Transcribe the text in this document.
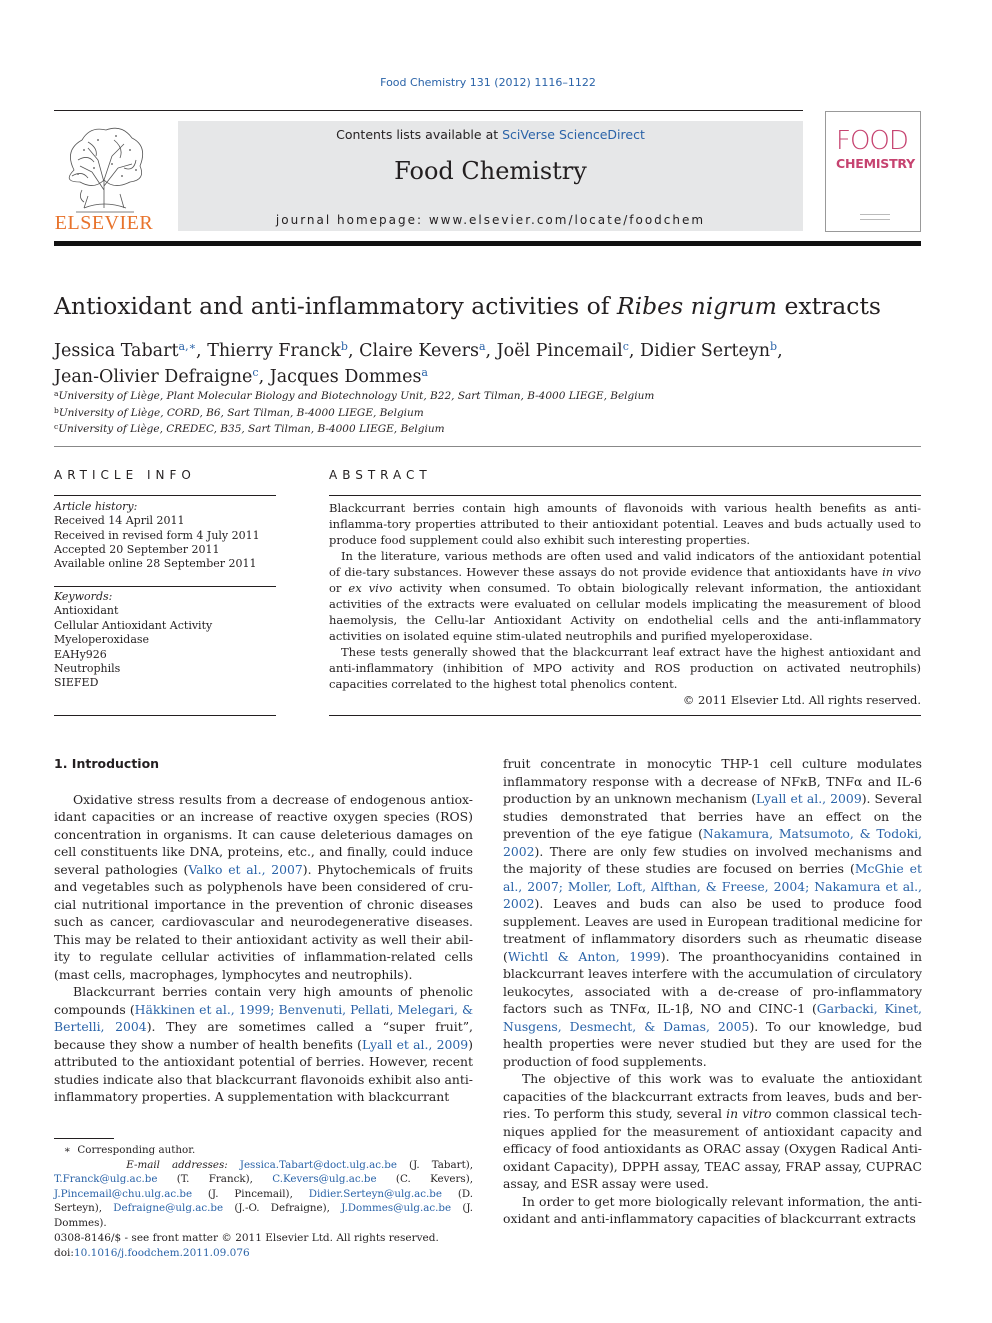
Food Chemistry 131 (2012) 1116–1122
ELSEVIER
Contents lists available at SciVerse ScienceDirect
Food Chemistry
journal homepage: www.elsevier.com/locate/foodchem
FOOD
CHEMISTRY
Antioxidant and anti-inflammatory activities of Ribes nigrum extracts
Jessica Tabart$^{a,∗}$, Thierry Franck$^b$, Claire Kevers$^a$, Joël Pincemail$^c$, Didier Serteyn$^b$,
Jean-Olivier Defraigne$^c$, Jacques Dommes$^a$
$^a$University of Liège, Plant Molecular Biology and Biotechnology Unit, B22, Sart Tilman, B-4000 LIEGE, Belgium
$^b$University of Liège, CORD, B6, Sart Tilman, B-4000 LIEGE, Belgium
$^c$University of Liège, CREDEC, B35, Sart Tilman, B-4000 LIEGE, Belgium
ARTICLE INFO
Article history:
Received 14 April 2011
Received in revised form 4 July 2011
Accepted 20 September 2011
Available online 28 September 2011
Keywords:
Antioxidant
Cellular Antioxidant Activity
Myeloperoxidase
EAHy926
Neutrophils
SIEFED
ABSTRACT

Blackcurrant berries contain high amounts of flavonoids with various health benefits as anti-inflamma-tory properties attributed to their antioxidant potential. Leaves and buds actually used to produce food supplement could also exhibit such interesting properties.

In the literature, various methods are often used and valid indicators of the antioxidant potential of die-tary substances. However these assays do not provide evidence that antioxidants have in vivo or ex vivo activity when consumed. To obtain biologically relevant information, the antioxidant activities of the extracts were evaluated on cellular models implicating the measurement of blood haemolysis, the Cellu-lar Antioxidant Activity on endothelial cells and the anti-inflammatory activities on isolated equine stim-ulated neutrophils and purified myeloperoxidase.

These tests generally showed that the blackcurrant leaf extract have the highest antioxidant and anti-inflammatory (inhibition of MPO activity and ROS production on activated neutrophils) capacities correlated to the highest total phenolics content.

© 2011 Elsevier Ltd. All rights reserved.
1. Introduction

Oxidative stress results from a decrease of endogenous antiox-idant capacities or an increase of reactive oxygen species (ROS) concentration in organisms. It can cause deleterious damages on cell constituents like DNA, proteins, etc., and finally, could induce several pathologies (Valko et al., 2007). Phytochemicals of fruits and vegetables such as polyphenols have been considered of cru-cial nutritional importance in the prevention of chronic diseases such as cancer, cardiovascular and neurodegenerative diseases. This may be related to their antioxidant activity as well their abil-ity to regulate cellular activities of inflammation-related cells (mast cells, macrophages, lymphocytes and neutrophils).

Blackcurrant berries contain very high amounts of phenolic compounds (Häkkinen et al., 1999; Benvenuti, Pellati, Melegari, & Bertelli, 2004). They are sometimes called a “super fruit”, because they show a number of health benefits (Lyall et al., 2009) attributed to the antioxidant potential of berries. However, recent studies indicate also that blackcurrant flavonoids exhibit also anti-inflammatory properties. A supplementation with blackcurrant

fruit concentrate in monocytic THP-1 cell culture modulates inflammatory response with a decrease of NFκB, TNFα and IL-6 production by an unknown mechanism (Lyall et al., 2009). Several studies demonstrated that berries have an effect on the prevention of the eye fatigue (Nakamura, Matsumoto, & Todoki, 2002). There are only few studies on involved mechanisms and the majority of these studies are focused on berries (McGhie et al., 2007; Moller, Loft, Alfthan, & Freese, 2004; Nakamura et al., 2002). Leaves and buds can also be used to produce food supplement. Leaves are used in European traditional medicine for treatment of inflammatory disorders such as rheumatic disease (Wichtl & Anton, 1999). The proanthocyanidins contained in blackcurrant leaves interfere with the accumulation of circulatory leukocytes, associated with a de-crease of pro-inflammatory factors such as TNFα, IL-1β, NO and CINC-1 (Garbacki, Kinet, Nusgens, Desmecht, & Damas, 2005). To our knowledge, bud health properties were never studied but they are used for the production of food supplements.

The objective of this work was to evaluate the antioxidant capacities of the blackcurrant extracts from leaves, buds and ber-ries. To perform this study, several in vitro common classical tech-niques applied for the measurement of antioxidant capacity and efficacy of food antioxidants as ORAC assay (Oxygen Radical Anti-oxidant Capacity), DPPH assay, TEAC assay, FRAP assay, CUPRAC assay, and ESR assay were used.

In order to get more biologically relevant information, the anti-oxidant and anti-inflammatory capacities of blackcurrant extracts

∗ Corresponding author.
E-mail addresses: Jessica.Tabart@doct.ulg.ac.be (J. Tabart), T.Franck@ulg.ac.be (T. Franck), C.Kevers@ulg.ac.be (C. Kevers), J.Pincemail@chu.ulg.ac.be (J. Pincemail), Didier.Serteyn@ulg.ac.be (D. Serteyn), Defraigne@ulg.ac.be (J.-O. Defraigne), J.Dommes@ulg.ac.be (J. Dommes).
0308-8146/$ - see front matter © 2011 Elsevier Ltd. All rights reserved.
doi:10.1016/j.foodchem.2011.09.076
